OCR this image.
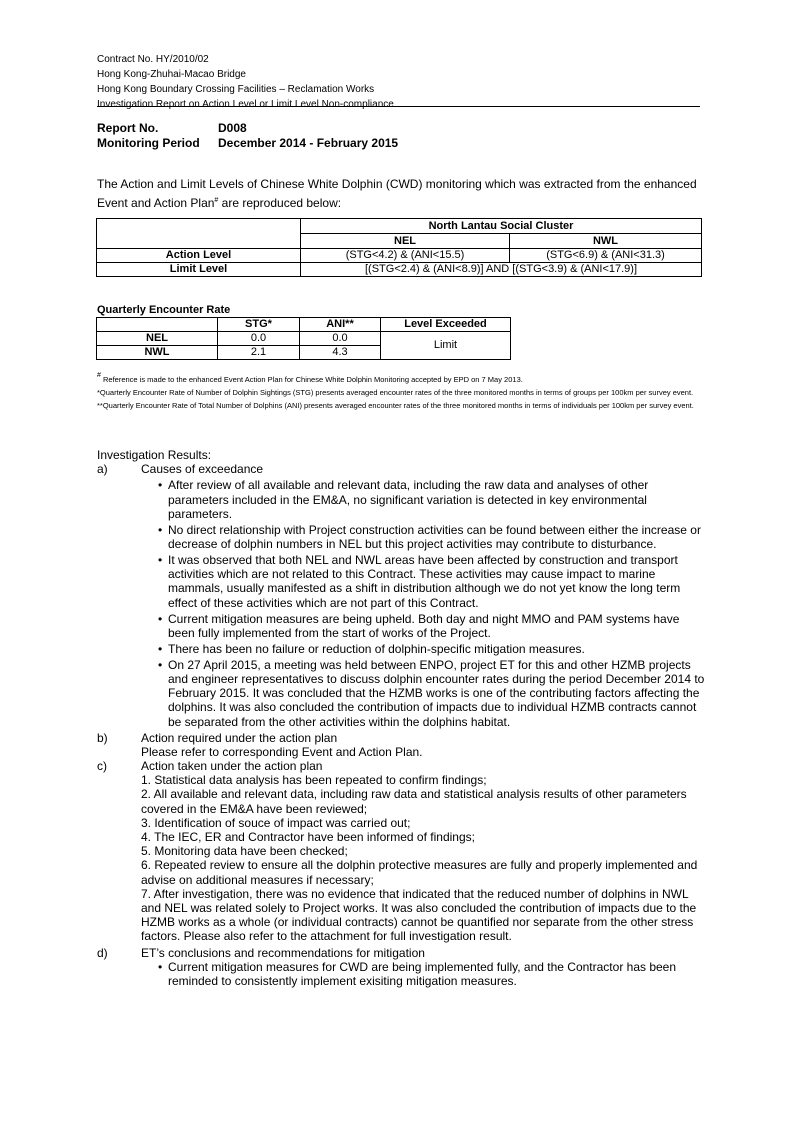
Contract No. HY/2010/02
Hong Kong-Zhuhai-Macao Bridge
Hong Kong Boundary Crossing Facilities – Reclamation Works
Investigation Report on Action Level or Limit Level Non-compliance
Report No.	D008
Monitoring Period December 2014 - February 2015
The Action and Limit Levels of Chinese White Dolphin (CWD) monitoring which was extracted from the enhanced Event and Action Plan# are reproduced below:
	North Lantau Social Cluster	
	NEL	NWL
Action Level	(STG<4.2) & (ANI<15.5)	(STG<6.9) & (ANI<31.3)
Limit Level	[(STG<2.4) & (ANI<8.9)] AND [(STG<3.9) & (ANI<17.9)]	
Quarterly Encounter Rate
	STG*	ANI**	Level Exceeded
NEL	0.0	0.0	Limit
NWL	2.1	4.3	

# Reference is made to the enhanced Event Action Plan for Chinese White Dolphin Monitoring accepted by EPD on 7 May 2013.

*Quarterly Encounter Rate of Number of Dolphin Sightings (STG) presents averaged encounter rates of the three monitored months in terms of groups per 100km per survey event.

**Quarterly Encounter Rate of Total Number of Dolphins (ANI) presents averaged encounter rates of the three monitored months in terms of individuals per 100km per survey event.

Investigation Results:

a)	Causes of exceedance

• After review of all available and relevant data, including the raw data and analyses of other parameters included in the EM&A, no significant variation is detected in key environmental parameters.
• No direct relationship with Project construction activities can be found between either the increase or decrease of dolphin numbers in NEL but this project activities may contribute to disturbance.
• It was observed that both NEL and NWL areas have been affected by construction and transport activities which are not related to this Contract. These activities may cause impact to marine mammals, usually manifested as a shift in distribution although we do not yet know the long term effect of these activities which are not part of this Contract.
• Current mitigation measures are being upheld. Both day and night MMO and PAM systems have been fully implemented from the start of works of the Project.
• There has been no failure or reduction of dolphin-specific mitigation measures.
• On 27 April 2015, a meeting was held between ENPO, project ET for this and other HZMB projects and engineer representatives to discuss dolphin encounter rates during the period December 2014 to February 2015. It was concluded that the HZMB works is one of the contributing factors affecting the dolphins. It was also concluded the contribution of impacts due to individual HZMB contracts cannot be separated from the other activities within the dolphins habitat.
b)	Action required under the action plan

Please refer to corresponding Event and Action Plan.

c)	Action taken under the action plan

1. Statistical data analysis has been repeated to confirm findings;

2. All available and relevant data, including raw data and statistical analysis results of other parameters covered in the EM&A have been reviewed;

3. Identification of souce of impact was carried out;

4. The IEC, ER and Contractor have been informed of findings;

5. Monitoring data have been checked;

6. Repeated review to ensure all the dolphin protective measures are fully and properly implemented and advise on additional measures if necessary;

7. After investigation, there was no evidence that indicated that the reduced number of dolphins in NWL and NEL was related solely to Project works. It was also concluded the contribution of impacts due to the HZMB works as a whole (or individual contracts) cannot be quantified nor separate from the other stress factors. Please also refer to the attachment for full investigation result.

d)	ET’s conclusions and recommendations for mitigation

• Current mitigation measures for CWD are being implemented fully, and the Contractor has been reminded to consistently implement exisiting mitigation measures.
